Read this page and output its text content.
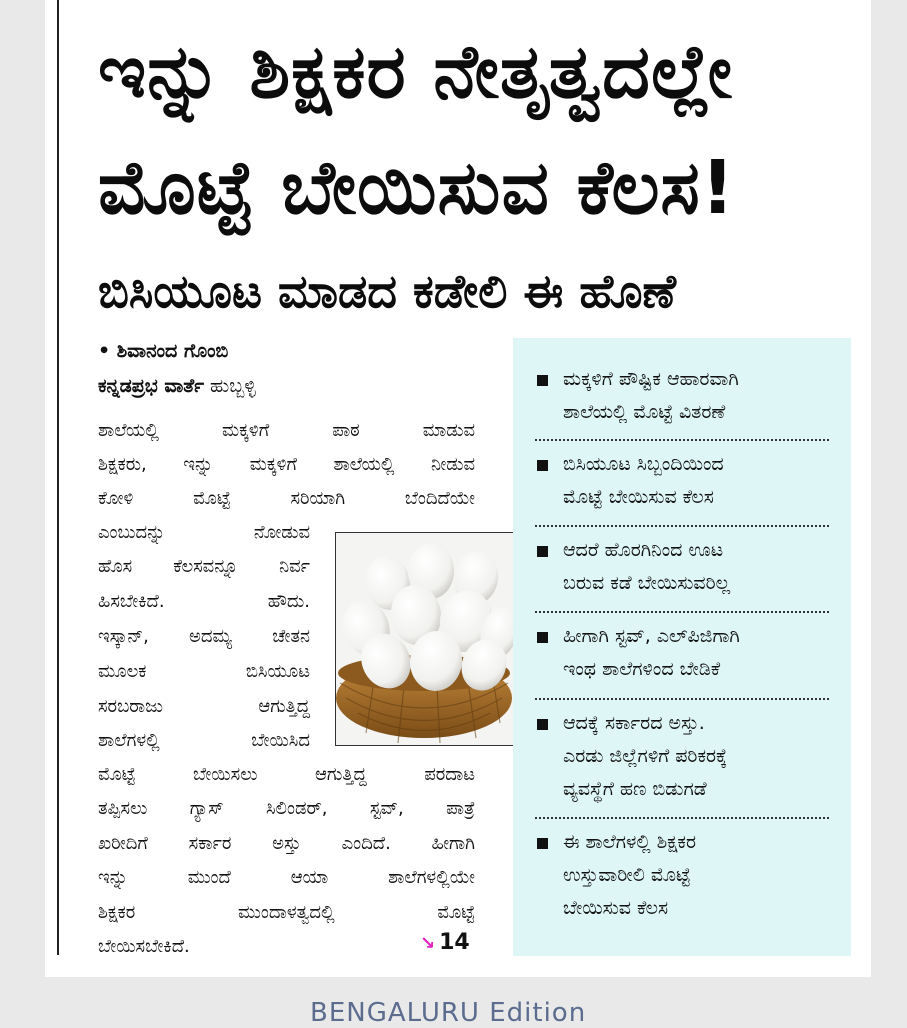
ಇನ್ನು ಶಿಕ್ಷಕರ ನೇತೃತ್ವದಲ್ಲೇ
ಮೊಟ್ಟೆ ಬೇಯಿಸುವ ಕೆಲಸ!
ಬಿಸಿಯೂಟ ಮಾಡದ ಕಡೇಲಿ ಈ ಹೊಣೆ
• ಶಿವಾನಂದ ಗೊಂಬಿ
ಕನ್ನಡಪ್ರಭ ವಾರ್ತೆ ಹುಬ್ಬಳ್ಳಿ
ಶಾಲೆಯಲ್ಲಿ ಮಕ್ಕಳಿಗೆ ಪಾಠ ಮಾಡುವ
ಶಿಕ್ಷಕರು, ಇನ್ನು ಮಕ್ಕಳಿಗೆ ಶಾಲೆಯಲ್ಲಿ ನೀಡುವ
ಕೋಳಿ ಮೊಟ್ಟೆ ಸರಿಯಾಗಿ ಬೆಂದಿದೆಯೇ
ಎಂಬುದನ್ನು ನೋಡುವ
ಹೊಸ ಕೆಲಸವನ್ನೂ ನಿರ್ವ
ಹಿಸಬೇಕಿದೆ. ಹೌದು.
ಇಸ್ಕಾನ್, ಅದಮ್ಯ ಚೇತನ
ಮೂಲಕ ಬಿಸಿಯೂಟ
ಸರಬರಾಜು ಆಗುತ್ತಿದ್ದ
ಶಾಲೆಗಳಲ್ಲಿ ಬೇಯಿಸಿದ
ಮೊಟ್ಟೆ ಬೇಯಿಸಲು ಆಗುತ್ತಿದ್ದ ಪರದಾಟ
ತಪ್ಪಿಸಲು ಗ್ಯಾಸ್ ಸಿಲಿಂಡರ್, ಸ್ಟವ್, ಪಾತ್ರೆ
ಖರೀದಿಗೆ ಸರ್ಕಾರ ಅಸ್ತು ಎಂದಿದೆ. ಹೀಗಾಗಿ
ಇನ್ನು ಮುಂದೆ ಆಯಾ ಶಾಲೆಗಳಲ್ಲಿಯೇ
ಶಿಕ್ಷಕರ ಮುಂದಾಳತ್ವದಲ್ಲಿ ಮೊಟ್ಟೆ
ಬೇಯಿಸಬೇಕಿದೆ.	↘ 14
ಮಕ್ಕಳಿಗೆ ಪೌಷ್ಟಿಕ ಆಹಾರವಾಗಿ
ಶಾಲೆಯಲ್ಲಿ ಮೊಟ್ಟೆ ವಿತರಣೆ
ಬಿಸಿಯೂಟ ಸಿಬ್ಬಂದಿಯಿಂದ
ಮೊಟ್ಟೆ ಬೇಯಿಸುವ ಕೆಲಸ
ಆದರೆ ಹೊರಗಿನಿಂದ ಊಟ
ಬರುವ ಕಡೆ ಬೇಯಿಸುವರಿಲ್ಲ
ಹೀಗಾಗಿ ಸ್ಟವ್, ಎಲ್‌ಪಿಜಿಗಾಗಿ
ಇಂಥ ಶಾಲೆಗಳಿಂದ ಬೇಡಿಕೆ
ಆದಕ್ಕೆ ಸರ್ಕಾರದ ಅಸ್ತು.
ಎರಡು ಜಿಲ್ಲೆಗಳಿಗೆ ಪರಿಕರಕ್ಕೆ
ವ್ಯವಸ್ಥೆಗೆ ಹಣ ಬಿಡುಗಡೆ
ಈ ಶಾಲೆಗಳಲ್ಲಿ ಶಿಕ್ಷಕರ
ಉಸ್ತುವಾರೀಲಿ ಮೊಟ್ಟೆ
ಬೇಯಿಸುವ ಕೆಲಸ
BENGALURU Edition
